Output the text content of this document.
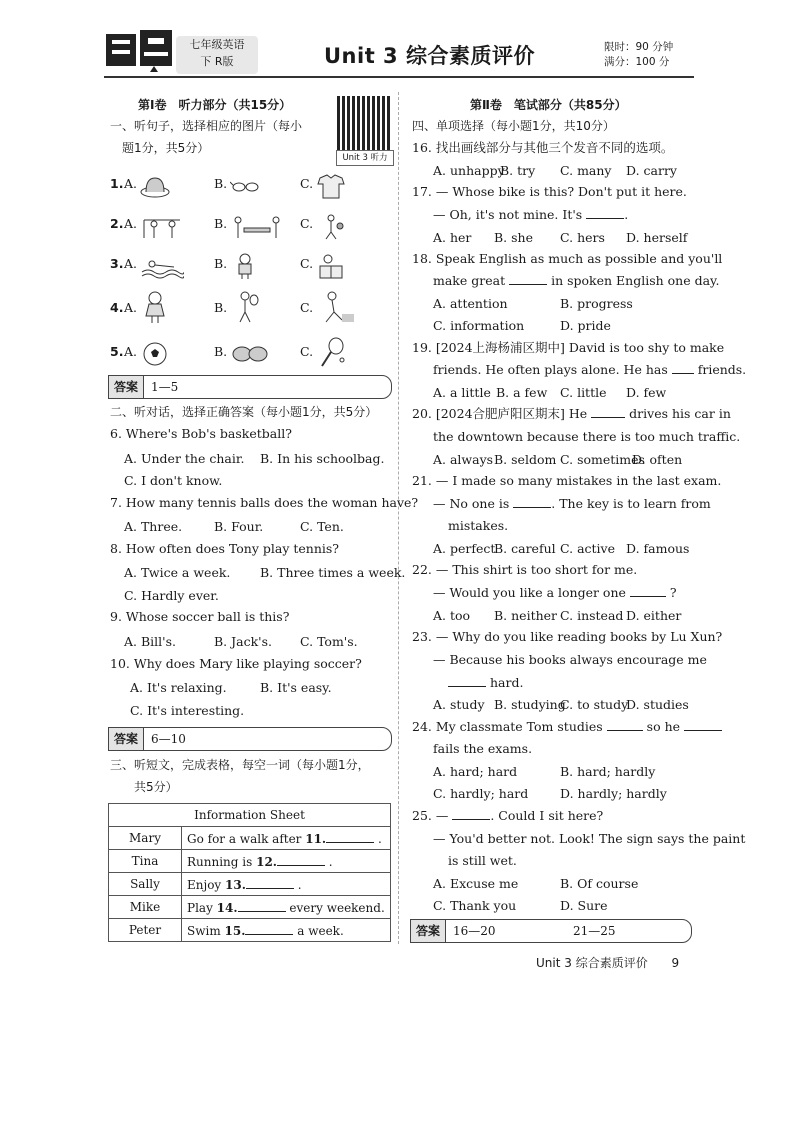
七年级英语
下 R版	Unit 3 综合素质评价	限时：90 分钟
满分：100 分
第Ⅰ卷　听力部分（共15分）
Unit 3 听力
一、听句子，选择相应的图片（每小
题1分，共5分）
1. A.	B.	C.
2. A.	B.	C.
3. A.	B.	C.
4. A.	B.	C.
5. A.	B.	C.
答案	1—5
二、听对话，选择正确答案（每小题1分，共5分）
6. Where's Bob's basketball?
A. Under the chair. B. In his schoolbag.
C. I don't know.
7. How many tennis balls does the woman have?
A. Three.	B. Four.	C. Ten.
8. How often does Tony play tennis?
A. Twice a week. B. Three times a week.
C. Hardly ever.
9. Whose soccer ball is this?
A. Bill's.	B. Jack's. C. Tom's.
10. Why does Mary like playing soccer?
A. It's relaxing.	B. It's easy.
C. It's interesting.
答案	6—10
三、听短文，完成表格，每空一词（每小题1分，
共5分）
Information Sheet	
Mary	Go for a walk after 11. .
Tina	Running is 12. .
Sally	Enjoy 13. .
Mike	Play 14. every weekend.
Peter	Swim 15. a week.
第Ⅱ卷　笔试部分（共85分）
四、单项选择（每小题1分，共10分）
16. 找出画线部分与其他三个发音不同的选项。
A. unhappy
B. try C. many D. carry
17. — Whose bike is this? Don't put it here.
— Oh, it's not mine. It's	.
A. her B. she C. hers D. herself
18. Speak English as much as possible and you'll
make great	in spoken English one day.
A. attention	B. progress
C. information	D. pride
19. [2024上海杨浦区期中] David is too shy to make
friends. He often plays alone. He has friends.
A. a little B. a few C. little D. few
20. [2024合肥庐阳区期末] He	drives his car in
the downtown because there is too much traffic.
A. always B. seldom C. sometimes
D. often
21. — I made so many mistakes in the last exam.
— No one is	. The key is to learn from
mistakes.
A. perfect
B. careful C. active D. famous
22. — This shirt is too short for me.
— Would you like a longer one	?
A. too B. neither C. instead D. either
23. — Why do you like reading books by Lu Xun?
— Because his books always encourage me
hard.
A. study B. studying
C. to study
D. studies
24. My classmate Tom studies	so he
fails the exams.
A. hard; hard	B. hard; hardly
C. hardly; hard	D. hardly; hardly
25. —	. Could I sit here?
— You'd better not. Look! The sign says the paint
is still wet.
A. Excuse me	B. Of course
C. Thank you	D. Sure
答案	16—20	21—25
Unit 3 综合素质评价 9
